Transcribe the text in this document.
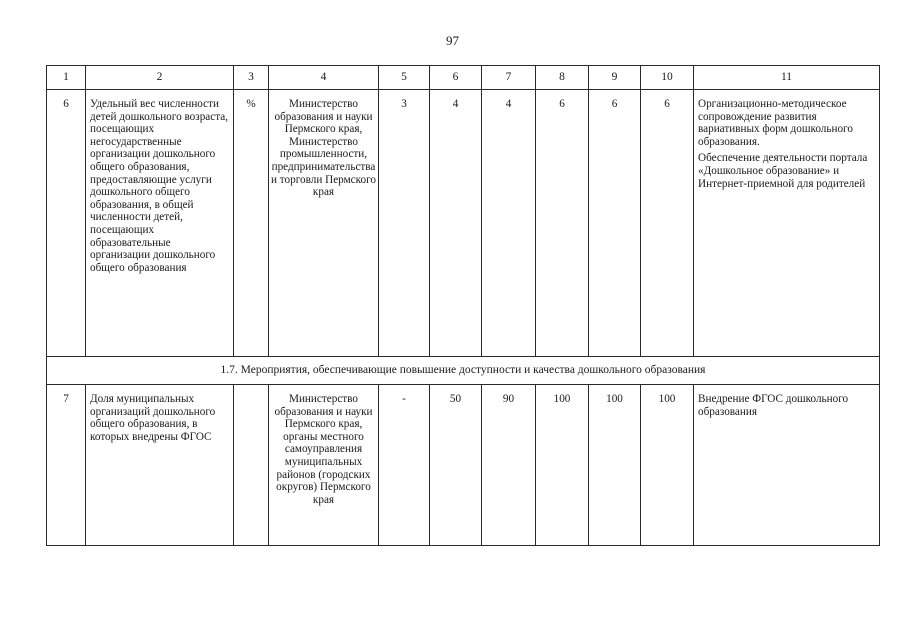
97
1	2	3	4	5	6	7	8	9	10	11
6	Удельный вес численности детей дошкольного возраста, посещающих негосударственные организации дошкольного общего образования, предоставляющие услуги дошкольного общего образования, в общей численности детей, посещающих образовательные организации дошкольного общего образования	%	Министерство образования и науки Пермского края, Министерство промышленности, предпринимательства и торговли Пермского края	3	4	4	6	6	6	Организационно-методическое сопровождение развития вариативных форм дошкольного образования.

Обеспечение деятельности портала «Дошкольное образование» и Интернет-приемной для родителей

1.7. Мероприятия, обеспечивающие повышение доступности и качества дошкольного образования										
7	Доля муниципальных организаций дошкольного общего образования, в которых внедрены ФГОС		Министерство образования и науки Пермского края, органы местного самоуправления муниципальных районов (городских округов) Пермского края	-	50	90	100	100	100	Внедрение ФГОС дошкольного образования
